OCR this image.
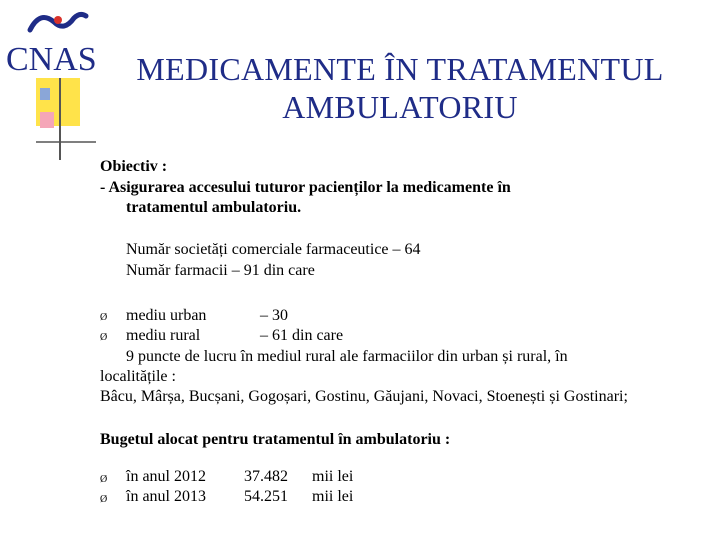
CNAS	MEDICAMENTE ÎN TRATAMENTUL
AMBULATORIU
Obiectiv :
- Asigurarea accesului tuturor pacienților la medicamente în
tratamentul ambulatoriu.
Număr societăți comerciale farmaceutice – 64
Număr farmacii – 91 din care
Ø mediu urban	– 30
Ø mediu rural	– 61 din care
9 puncte de lucru în mediul rural ale farmaciilor din urban și rural, în
localitățile :
Bâcu, Mârșa, Bucșani, Gogoșari, Gostinu, Găujani, Novaci, Stoenești și Gostinari;
Bugetul alocat pentru tratamentul în ambulatoriu :
Ø în anul 2012 37.482 mii lei
Ø în anul 2013 54.251 mii lei
